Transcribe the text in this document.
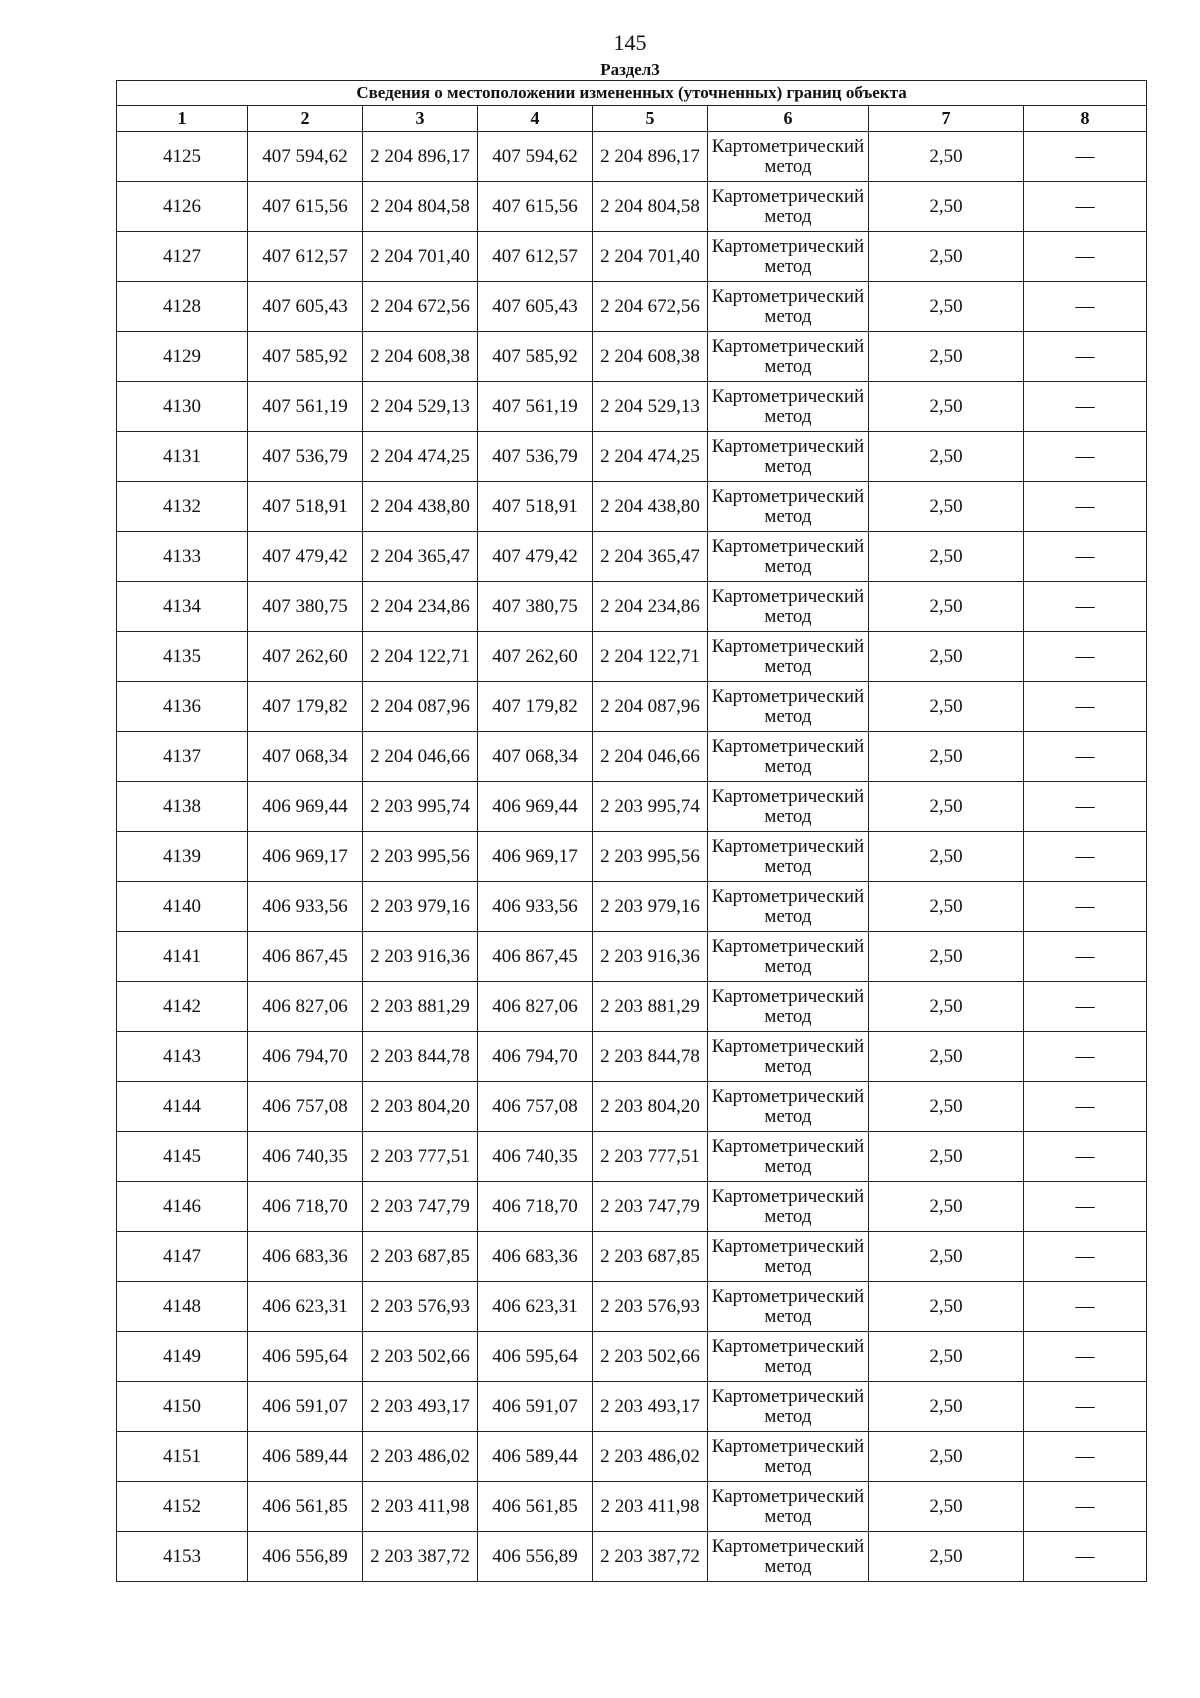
145
Раздел3
Сведения о местоположении измененных (уточненных) границ объекта							
1	2	3	4	5	6	7	8
4125	407 594,62	2 204 896,17	407 594,62	2 204 896,17	Картометрический метод	2,50	—
4126	407 615,56	2 204 804,58	407 615,56	2 204 804,58	Картометрический метод	2,50	—
4127	407 612,57	2 204 701,40	407 612,57	2 204 701,40	Картометрический метод	2,50	—
4128	407 605,43	2 204 672,56	407 605,43	2 204 672,56	Картометрический метод	2,50	—
4129	407 585,92	2 204 608,38	407 585,92	2 204 608,38	Картометрический метод	2,50	—
4130	407 561,19	2 204 529,13	407 561,19	2 204 529,13	Картометрический метод	2,50	—
4131	407 536,79	2 204 474,25	407 536,79	2 204 474,25	Картометрический метод	2,50	—
4132	407 518,91	2 204 438,80	407 518,91	2 204 438,80	Картометрический метод	2,50	—
4133	407 479,42	2 204 365,47	407 479,42	2 204 365,47	Картометрический метод	2,50	—
4134	407 380,75	2 204 234,86	407 380,75	2 204 234,86	Картометрический метод	2,50	—
4135	407 262,60	2 204 122,71	407 262,60	2 204 122,71	Картометрический метод	2,50	—
4136	407 179,82	2 204 087,96	407 179,82	2 204 087,96	Картометрический метод	2,50	—
4137	407 068,34	2 204 046,66	407 068,34	2 204 046,66	Картометрический метод	2,50	—
4138	406 969,44	2 203 995,74	406 969,44	2 203 995,74	Картометрический метод	2,50	—
4139	406 969,17	2 203 995,56	406 969,17	2 203 995,56	Картометрический метод	2,50	—
4140	406 933,56	2 203 979,16	406 933,56	2 203 979,16	Картометрический метод	2,50	—
4141	406 867,45	2 203 916,36	406 867,45	2 203 916,36	Картометрический метод	2,50	—
4142	406 827,06	2 203 881,29	406 827,06	2 203 881,29	Картометрический метод	2,50	—
4143	406 794,70	2 203 844,78	406 794,70	2 203 844,78	Картометрический метод	2,50	—
4144	406 757,08	2 203 804,20	406 757,08	2 203 804,20	Картометрический метод	2,50	—
4145	406 740,35	2 203 777,51	406 740,35	2 203 777,51	Картометрический метод	2,50	—
4146	406 718,70	2 203 747,79	406 718,70	2 203 747,79	Картометрический метод	2,50	—
4147	406 683,36	2 203 687,85	406 683,36	2 203 687,85	Картометрический метод	2,50	—
4148	406 623,31	2 203 576,93	406 623,31	2 203 576,93	Картометрический метод	2,50	—
4149	406 595,64	2 203 502,66	406 595,64	2 203 502,66	Картометрический метод	2,50	—
4150	406 591,07	2 203 493,17	406 591,07	2 203 493,17	Картометрический метод	2,50	—
4151	406 589,44	2 203 486,02	406 589,44	2 203 486,02	Картометрический метод	2,50	—
4152	406 561,85	2 203 411,98	406 561,85	2 203 411,98	Картометрический метод	2,50	—
4153	406 556,89	2 203 387,72	406 556,89	2 203 387,72	Картометрический метод	2,50	—
